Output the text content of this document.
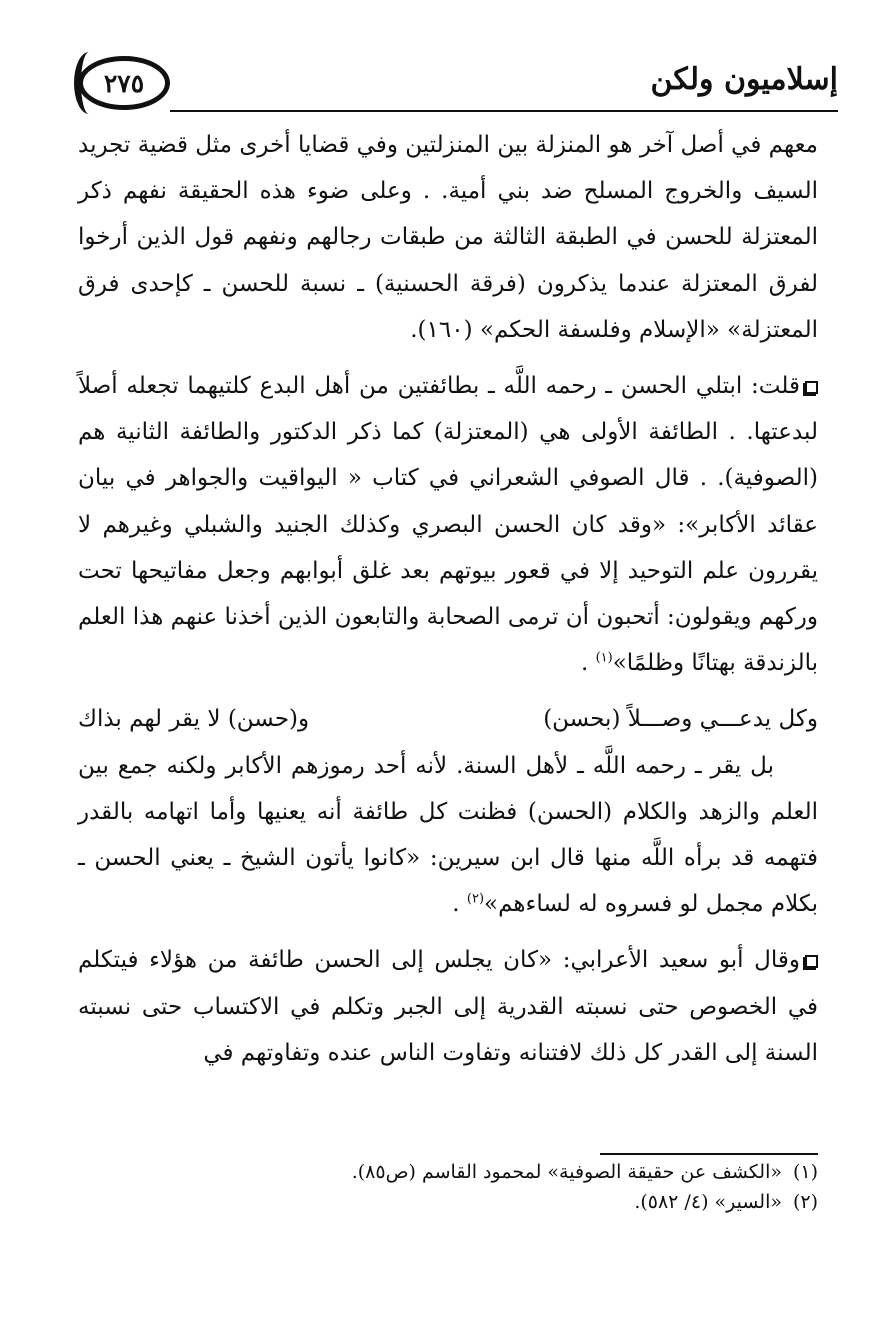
٢٧٥	إسلاميون ولكن

معهم في أصل آخر هو المنزلة بين المنزلتين وفي قضايا أخرى مثل قضية تجريد السيف والخروج المسلح ضد بني أمية. . وعلى ضوء هذه الحقيقة نفهم ذكر المعتزلة للحسن في الطبقة الثالثة من طبقات رجالهم ونفهم قول الذين أرخوا لفرق المعتزلة عندما يذكرون (فرقة الحسنية) ـ نسبة للحسن ـ كإحدى فرق المعتزلة» «الإسلام وفلسفة الحكم» (١٦٠).

قلت: ابتلي الحسن ـ رحمه اللَّه ـ بطائفتين من أهل البدع كلتيهما تجعله أصلاً لبدعتها. . الطائفة الأولى هي (المعتزلة) كما ذكر الدكتور والطائفة الثانية هم (الصوفية). . قال الصوفي الشعراني في كتاب « اليواقيت والجواهر في بيان عقائد الأكابر»: «وقد كان الحسن البصري وكذلك الجنيد والشبلي وغيرهم لا يقررون علم التوحيد إلا في قعور بيوتهم بعد غلق أبوابهم وجعل مفاتيحها تحت وركهم ويقولون: أتحبون أن ترمى الصحابة والتابعون الذين أخذنا عنهم هذا العلم بالزندقة بهتانًا وظلمًا»$^{(١)}$ .

وكل يدعـــي وصـــلاً (بحسن)
و(حسن) لا يقر لهم بذاك

بل يقر ـ رحمه اللَّه ـ لأهل السنة. لأنه أحد رموزهم الأكابر ولكنه جمع بين العلم والزهد والكلام (الحسن) فظنت كل طائفة أنه يعنيها وأما اتهامه بالقدر فتهمه قد برأه اللَّه منها قال ابن سيرين: «كانوا يأتون الشيخ ـ يعني الحسن ـ بكلام مجمل لو فسروه له لساءهم»$^{(٢)}$ .

وقال أبو سعيد الأعرابي: «كان يجلس إلى الحسن طائفة من هؤلاء فيتكلم في الخصوص حتى نسبته القدرية إلى الجبر وتكلم في الاكتساب حتى نسبته السنة إلى القدر كل ذلك لافتنانه وتفاوت الناس عنده وتفاوتهم في

(١)
«الكشف عن حقيقة الصوفية» لمحمود القاسم (ص٨٥).
(٢)
«السير» (٤/ ٥٨٢).
